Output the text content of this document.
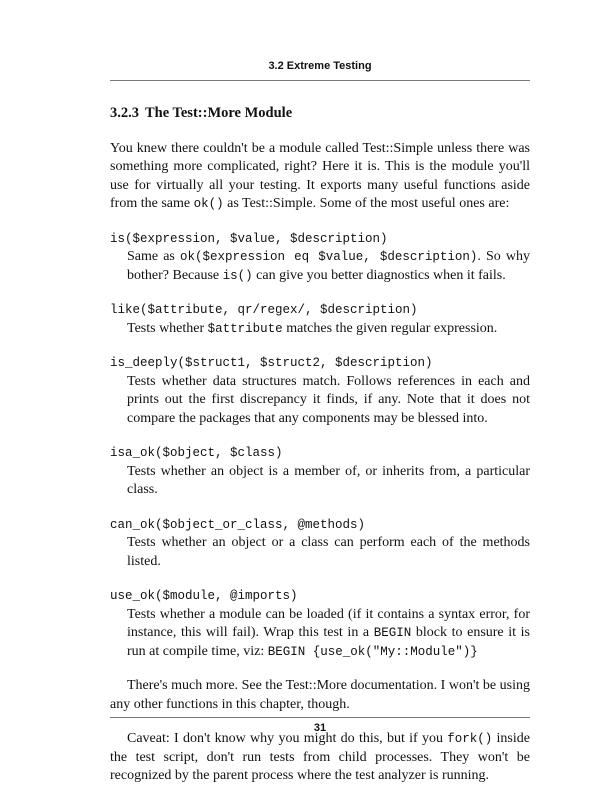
3.2 Extreme Testing
3.2.3 The Test::More Module

You knew there couldn't be a module called Test::Simple unless there was something more complicated, right? Here it is. This is the module you'll use for virtually all your testing. It exports many useful functions aside from the same ok() as Test::Simple. Some of the most useful ones are:

is($expression, $value, $description)
Same as ok($expression eq $value, $description). So why bother? Because is() can give you better diagnostics when it fails.
like($attribute, qr/regex/, $description)
Tests whether $attribute matches the given regular expression.
is_deeply($struct1, $struct2, $description)
Tests whether data structures match. Follows references in each and prints out the first discrepancy it finds, if any. Note that it does not compare the packages that any components may be blessed into.
isa_ok($object, $class)
Tests whether an object is a member of, or inherits from, a particular class.
can_ok($object_or_class, @methods)
Tests whether an object or a class can perform each of the methods listed.
use_ok($module, @imports)
Tests whether a module can be loaded (if it contains a syntax error, for instance, this will fail). Wrap this test in a BEGIN block to ensure it is run at compile time, viz: BEGIN {use_ok("My::Module")}

There's much more. See the Test::More documentation. I won't be using any other functions in this chapter, though.

Caveat: I don't know why you might do this, but if you fork() inside the test script, don't run tests from child processes. They won't be recognized by the parent process where the test analyzer is running.

31
